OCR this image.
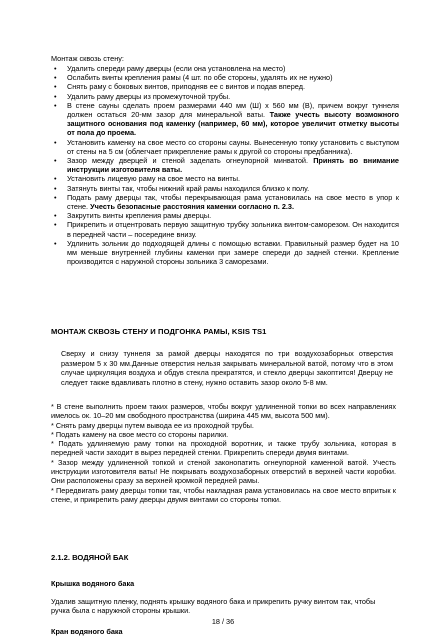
Монтаж сквозь стену:
• Удалить спереди раму дверцы (если она установлена на место)
• Ослабить винты крепления рамы (4 шт. по обе стороны, удалять их не нужно)
• Снять раму с боковых винтов, приподняв ее с винтов и подав вперед.
• Удалить раму дверцы из промежуточной трубы.
• В стене сауны сделать проем размерами 440 мм (Ш) х 560 мм (В), причем вокруг туннеля должен остаться 20-мм зазор для минеральной ваты. Также учесть высоту возможного защитного основания под каменку (например, 60 мм), которое увеличит отметку высоты от пола до проема.
• Установить каменку на свое место со стороны сауны. Вынесенную топку установить с выступом от стены на 5 см (облегчает прикрепление рамы к другой со стороны предбанника).
• Зазор между дверцей и стеной заделать огнеупорной минватой. Принять во внимание инструкции изготовителя ваты.
• Установить лицевую раму на свое место на винты.
• Затянуть винты так, чтобы нижний край рамы находился близко к полу.
• Подать раму дверцы так, чтобы перекрывающая рама установилась на свое место в упор к стене. Учесть безопасные расстояния каменки согласно п. 2.3.
• Закрутить винты крепления рамы дверцы.
• Прикрепить и отцентровать первую защитную трубку зольника винтом-саморезом. Он находится в передней части – посередине внизу.
• Удлинить зольник до подходящей длины с помощью вставки. Правильный размер будет на 10 мм меньше внутренней глубины каменки при замере спереди до задней стенки. Крепление производится с наружной стороны зольника 3 саморезами.
МОНТАЖ СКВОЗЬ СТЕНУ И ПОДГОНКА РАМЫ, KSIS TS1
Сверху и снизу туннеля за рамой дверцы находятся по три воздухозаборных отверстия размером 5 х 30 мм.Данные отверстия нельзя закрывать минеральной ватой, потому что в этом случае циркуляция воздуха и обдув стекла прекратятся, и стекло дверцы закоптится! Дверцу не следует также вдавливать плотно в стену, нужно оставить зазор около 5-8 мм.
* В стене выполнить проем таких размеров, чтобы вокруг удлиненной топки во всех направлениях имелось ок. 10–20 мм свободного пространства (ширина 445 мм, высота 500 мм).
* Снять раму дверцы путем вывода ее из проходной трубы.
* Подать камену на свое место со стороны парилки.
* Подать удлиняемую раму топки на проходной воротник, и также трубу зольника, которая в передней части заходит в вырез передней стенки. Прикрепить спереди двумя винтами.
* Зазор между удлиненной топкой и стеной законопатить огнеупорной каменной ватой. Учесть инструкции изготовителя ваты! Не покрывать воздухозаборных отверстий в верхней части коробки. Они расположены сразу за верхней кромкой передней рамы.
* Передвигать раму дверцы топки так, чтобы накладная рама установилась на свое место впритык к стене, и прикрепить раму дверцы двумя винтами со стороны топки.
2.1.2. ВОДЯНОЙ БАК
Крышка водяного бака
Удалив защитную пленку, поднять крышку водяного бака и прикрепить ручку винтом так, чтобы ручка была с наружной стороны крышки.
18 / 36
Кран водяного бака
